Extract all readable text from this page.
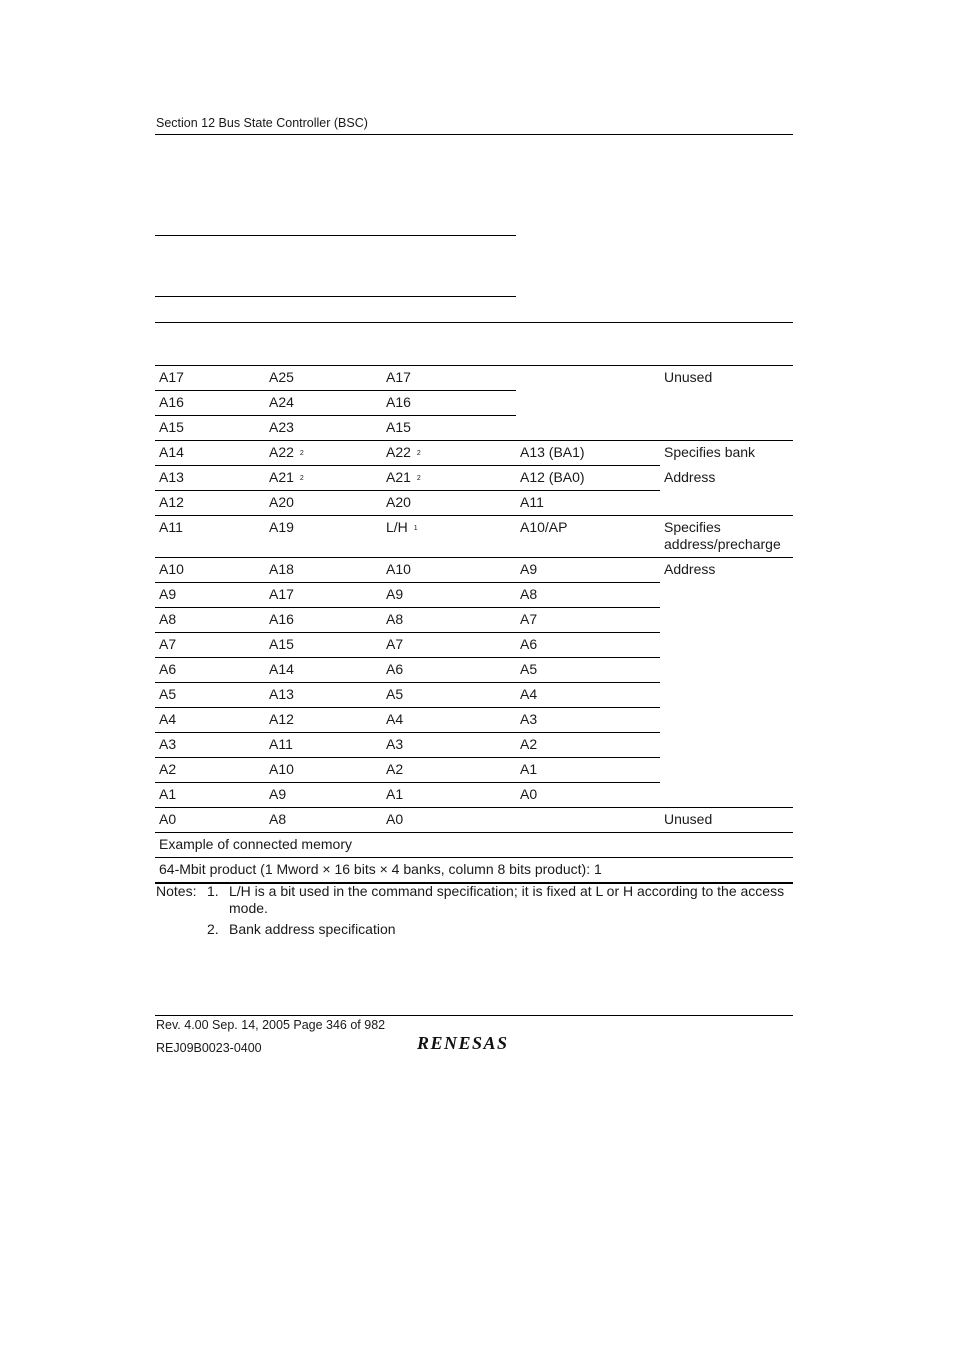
Section 12 Bus State Controller (BSC)
A17	A25	A17		Unused
A16	A24	A16		
A15	A23	A15		
A14	A22 $^2$	A22 $^2$	A13 (BA1)	Specifies bank
A13	A21 $^2$	A21 $^2$	A12 (BA0)	Address
A12	A20	A20	A11	
A11	A19	L/H $^1$	A10/AP	Specifies address/precharge
A10	A18	A10	A9	Address
A9	A17	A9	A8	
A8	A16	A8	A7	
A7	A15	A7	A6	
A6	A14	A6	A5	
A5	A13	A5	A4	
A4	A12	A4	A3	
A3	A11	A3	A2	
A2	A10	A2	A1	
A1	A9	A1	A0	
A0	A8	A0		Unused
Example of connected memory				
64-Mbit product (1 Mword × 16 bits × 4 banks, column 8 bits product): 1				
Notes: 1. L/H is a bit used in the command specification; it is fixed at L or H according to the access mode.
2. Bank address specification
Rev. 4.00 Sep. 14, 2005 Page 346 of 982
REJ09B0023-0400	RENESAS
